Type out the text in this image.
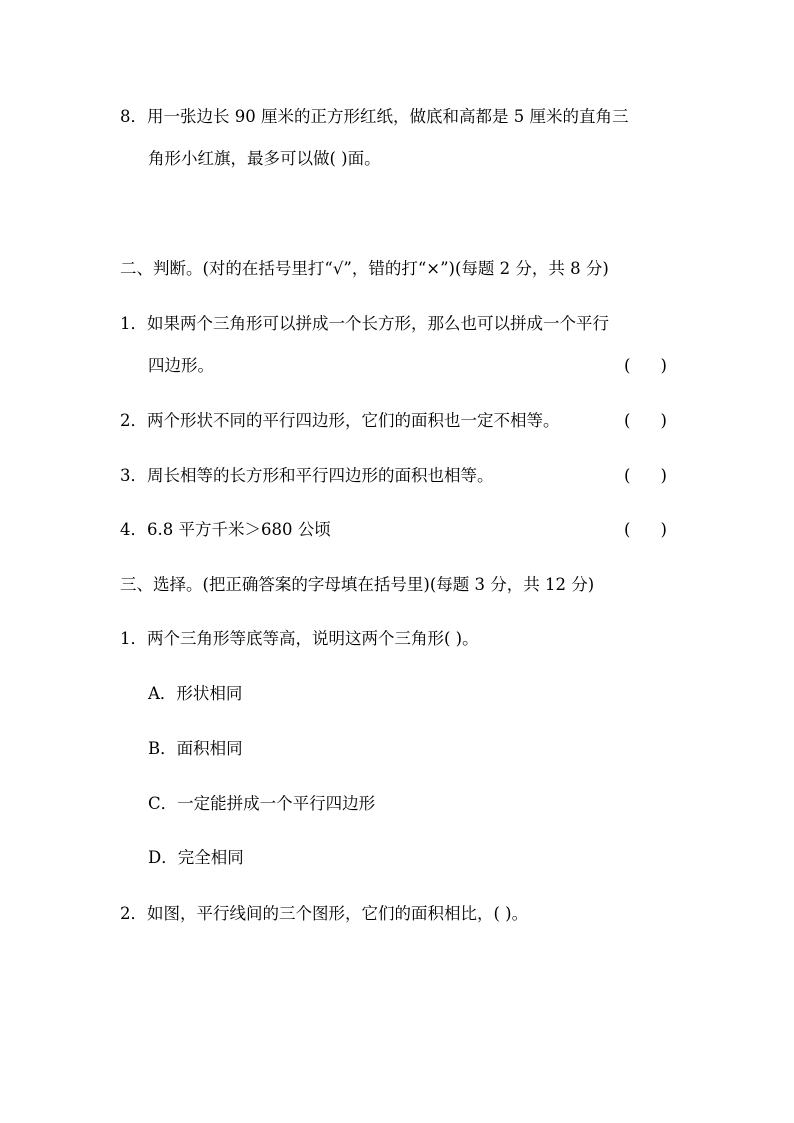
8．用一张边长 90 厘米的正方形红纸，做底和高都是 5 厘米的直角三
角形小红旗，最多可以做( )面。
二、判断。(对的在括号里打“√”，错的打“×”)(每题 2 分，共 8 分)
1．如果两个三角形可以拼成一个长方形，那么也可以拼成一个平行
四边形。	( )
2．两个形状不同的平行四边形，它们的面积也一定不相等。	( )
3．周长相等的长方形和平行四边形的面积也相等。	( )
4．6.8 平方千米＞680 公顷	( )
三、选择。(把正确答案的字母填在括号里)(每题 3 分，共 12 分)
1．两个三角形等底等高，说明这两个三角形( )。
A．形状相同
B．面积相同
C．一定能拼成一个平行四边形
D．完全相同
2．如图，平行线间的三个图形，它们的面积相比，( )。
